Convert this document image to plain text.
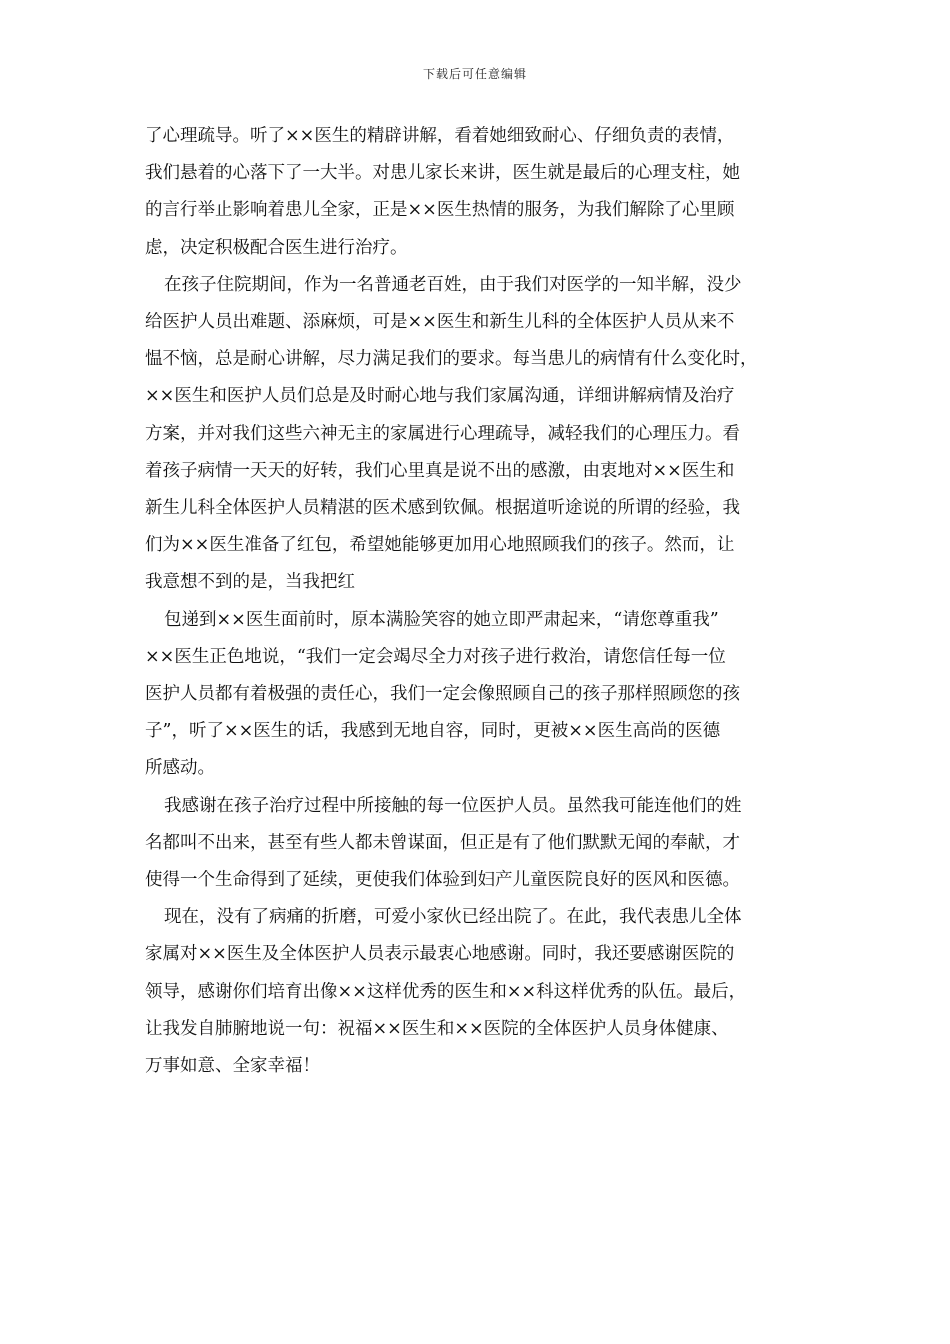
下载后可任意编辑

了心理疏导。听了××医生的精辟讲解，看着她细致耐心、仔细负责的表情，
我们悬着的心落下了一大半。对患儿家长来讲，医生就是最后的心理支柱，她
的言行举止影响着患儿全家，正是××医生热情的服务，为我们解除了心里顾
虑，决定积极配合医生进行治疗。

在孩子住院期间，作为一名普通老百姓，由于我们对医学的一知半解，没少
给医护人员出难题、添麻烦，可是××医生和新生儿科的全体医护人员从来不
愠不恼，总是耐心讲解，尽力满足我们的要求。每当患儿的病情有什么变化时，
××医生和医护人员们总是及时耐心地与我们家属沟通，详细讲解病情及治疗
方案，并对我们这些六神无主的家属进行心理疏导，减轻我们的心理压力。看
着孩子病情一天天的好转，我们心里真是说不出的感激，由衷地对××医生和
新生儿科全体医护人员精湛的医术感到钦佩。根据道听途说的所谓的经验，我
们为××医生准备了红包，希望她能够更加用心地照顾我们的孩子。然而，让
我意想不到的是，当我把红

包递到××医生面前时，原本满脸笑容的她立即严肃起来，“请您尊重我”
××医生正色地说，“我们一定会竭尽全力对孩子进行救治，请您信任每一位
医护人员都有着极强的责任心，我们一定会像照顾自己的孩子那样照顾您的孩
子”，听了××医生的话，我感到无地自容，同时，更被××医生高尚的医德
所感动。

我感谢在孩子治疗过程中所接触的每一位医护人员。虽然我可能连他们的姓
名都叫不出来，甚至有些人都未曾谋面，但正是有了他们默默无闻的奉献，才
使得一个生命得到了延续，更使我们体验到妇产儿童医院良好的医风和医德。

现在，没有了病痛的折磨，可爱小家伙已经出院了。在此，我代表患儿全体
家属对××医生及全体医护人员表示最衷心地感谢。同时，我还要感谢医院的
领导，感谢你们培育出像××这样优秀的医生和××科这样优秀的队伍。最后，
让我发自肺腑地说一句：祝福××医生和××医院的全体医护人员身体健康、
万事如意、全家幸福！
